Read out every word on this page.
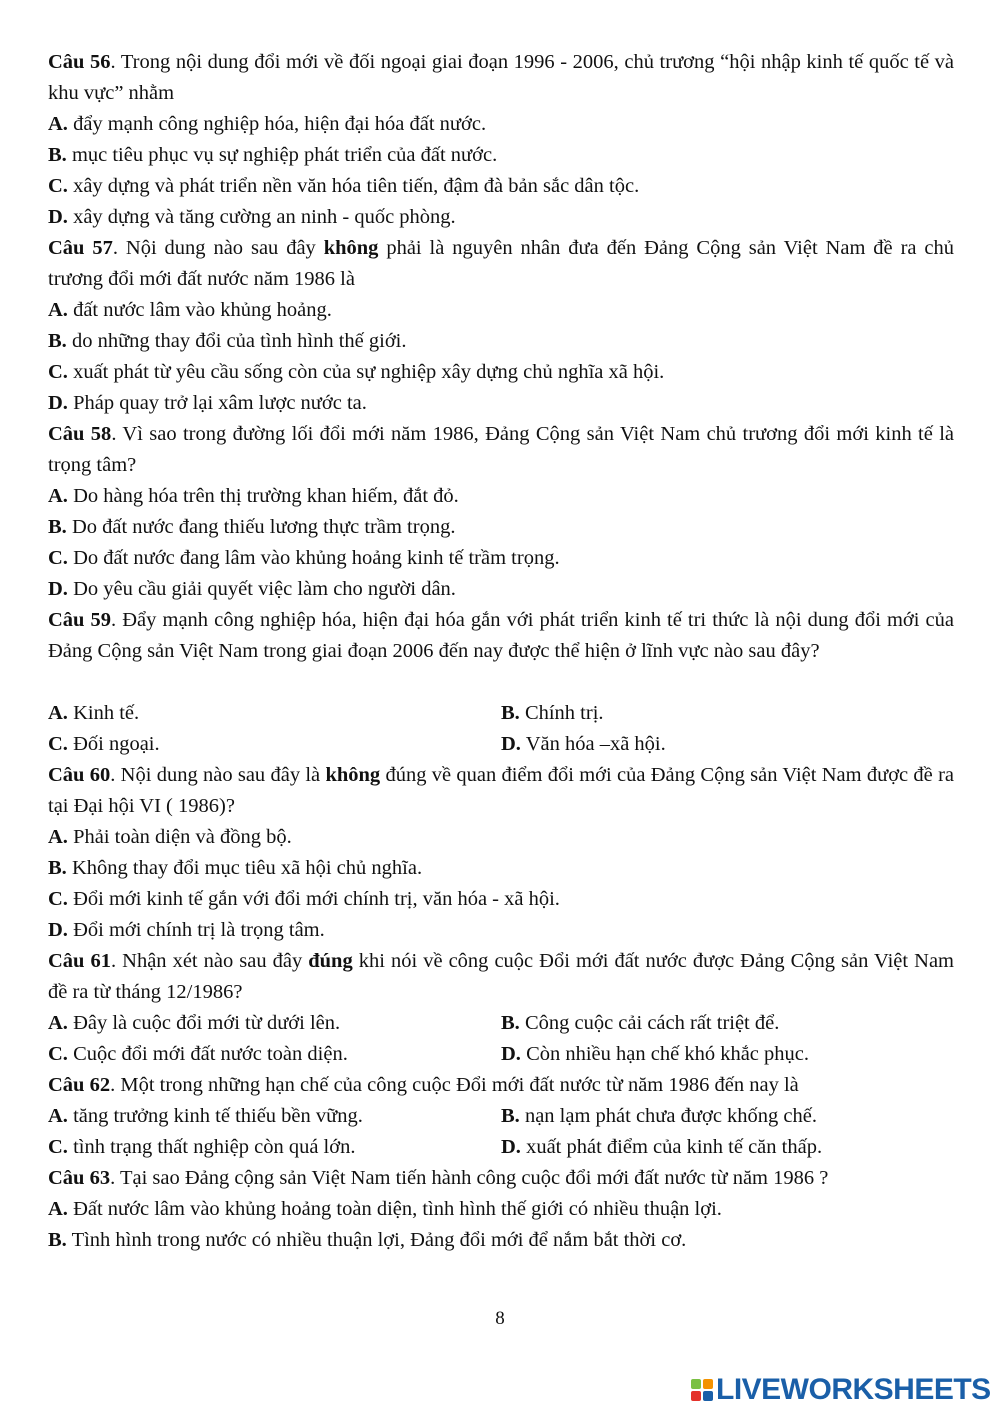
Câu 56. Trong nội dung đổi mới về đối ngoại giai đoạn 1996 - 2006, chủ trương “hội nhập kinh tế quốc tế và khu vực” nhằm
A. đẩy mạnh công nghiệp hóa, hiện đại hóa đất nước.
B. mục tiêu phục vụ sự nghiệp phát triển của đất nước.
C. xây dựng và phát triển nền văn hóa tiên tiến, đậm đà bản sắc dân tộc.
D. xây dựng và tăng cường an ninh - quốc phòng.
Câu 57. Nội dung nào sau đây không phải là nguyên nhân đưa đến Đảng Cộng sản Việt Nam đề ra chủ trương đổi mới đất nước năm 1986 là
A. đất nước lâm vào khủng hoảng.
B. do những thay đổi của tình hình thế giới.
C. xuất phát từ yêu cầu sống còn của sự nghiệp xây dựng chủ nghĩa xã hội.
D. Pháp quay trở lại xâm lược nước ta.
Câu 58. Vì sao trong đường lối đổi mới năm 1986, Đảng Cộng sản Việt Nam chủ trương đổi mới kinh tế là trọng tâm?
A. Do hàng hóa trên thị trường khan hiếm, đắt đỏ.
B. Do đất nước đang thiếu lương thực trầm trọng.
C. Do đất nước đang lâm vào khủng hoảng kinh tế trầm trọng.
D. Do yêu cầu giải quyết việc làm cho người dân.
Câu 59. Đẩy mạnh công nghiệp hóa, hiện đại hóa gắn với phát triển kinh tế tri thức là nội dung đổi mới của Đảng Cộng sản Việt Nam trong giai đoạn 2006 đến nay được thể hiện ở lĩnh vực nào sau đây?
A. Kinh tế.	B. Chính trị.
C. Đối ngoại.	D. Văn hóa –xã hội.
Câu 60. Nội dung nào sau đây là không đúng về quan điểm đổi mới của Đảng Cộng sản Việt Nam được đề ra tại Đại hội VI ( 1986)?
A. Phải toàn diện và đồng bộ.
B. Không thay đổi mục tiêu xã hội chủ nghĩa.
C. Đổi mới kinh tế gắn với đổi mới chính trị, văn hóa - xã hội.
D. Đổi mới chính trị là trọng tâm.
Câu 61. Nhận xét nào sau đây đúng khi nói về công cuộc Đổi mới đất nước được Đảng Cộng sản Việt Nam đề ra từ tháng 12/1986?
A. Đây là cuộc đổi mới từ dưới lên.	B. Công cuộc cải cách rất triệt để.
C. Cuộc đổi mới đất nước toàn diện.	D. Còn nhiều hạn chế khó khắc phục.
Câu 62. Một trong những hạn chế của công cuộc Đổi mới đất nước từ năm 1986 đến nay là
A. tăng trưởng kinh tế thiếu bền vững.	B. nạn lạm phát chưa được khống chế.
C. tình trạng thất nghiệp còn quá lớn.	D. xuất phát điểm của kinh tế căn thấp.
Câu 63. Tại sao Đảng cộng sản Việt Nam tiến hành công cuộc đổi mới đất nước từ năm 1986 ?
A. Đất nước lâm vào khủng hoảng toàn diện, tình hình thế giới có nhiều thuận lợi.
B. Tình hình trong nước có nhiều thuận lợi, Đảng đổi mới để nắm bắt thời cơ.
8
LIVEWORKSHEETS
